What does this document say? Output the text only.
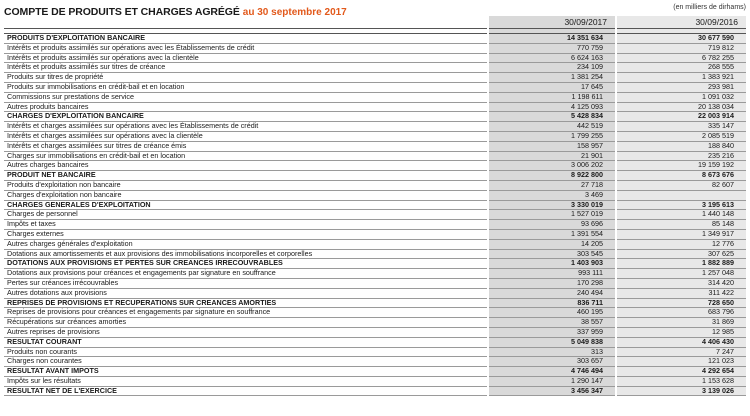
COMPTE DE PRODUITS ET CHARGES AGRÉGÉ au 30 septembre 2017	(en milliers de dirhams)
	30/09/2017	30/09/2016

PRODUITS D'EXPLOITATION BANCAIRE	14 351 634	30 677 590
Intérêts et produits assimilés sur opérations avec les Établissements de crédit	770 759	719 812
Intérêts et produits assimilés sur opérations avec la clientèle	6 624 163	6 782 255
Intérêts et produits assimilés sur titres de créance	234 109	268 555
Produits sur titres de propriété	1 381 254	1 383 921
Produits sur immobilisations en crédit-bail et en location	17 645	293 981
Commissions sur prestations de service	1 198 611	1 091 032
Autres produits bancaires	4 125 093	20 138 034
CHARGES D'EXPLOITATION BANCAIRE	5 428 834	22 003 914
Intérêts et charges assimilées sur opérations avec les Établissements de crédit	442 519	335 147
Intérêts et charges assimilées sur opérations avec la clientèle	1 799 255	2 085 519
Intérêts et charges assimilées sur titres de créance émis	158 957	188 840
Charges sur immobilisations en crédit-bail et en location	21 901	235 216
Autres charges bancaires	3 006 202	19 159 192
PRODUIT NET BANCAIRE	8 922 800	8 673 676
Produits d'exploitation non bancaire	27 718	82 607
Charges d'exploitation non bancaire	3 469	
CHARGES GENERALES D'EXPLOITATION	3 330 019	3 195 613
Charges de personnel	1 527 019	1 440 148
Impôts et taxes	93 696	85 148
Charges externes	1 391 554	1 349 917
Autres charges générales d'exploitation	14 205	12 776
Dotations aux amortissements et aux provisions des immobilisations incorporelles et corporelles	303 545	307 625
DOTATIONS AUX PROVISIONS ET PERTES SUR CREANCES IRRECOUVRABLES	1 403 903	1 882 889
Dotations aux provisions pour créances et engagements par signature en souffrance	993 111	1 257 048
Pertes sur créances irrécouvrables	170 298	314 420
Autres dotations aux provisions	240 494	311 422
REPRISES DE PROVISIONS ET RECUPERATIONS SUR CREANCES AMORTIES	836 711	728 650
Reprises de provisions pour créances et engagements par signature en souffrance	460 195	683 796
Récupérations sur créances amorties	38 557	31 869
Autres reprises de provisions	337 959	12 985
RESULTAT COURANT	5 049 838	4 406 430
Produits non courants	313	7 247
Charges non courantes	303 657	121 023
RESULTAT AVANT IMPOTS	4 746 494	4 292 654
Impôts sur les résultats	1 290 147	1 153 628
RESULTAT NET DE L'EXERCICE	3 456 347	3 139 026
